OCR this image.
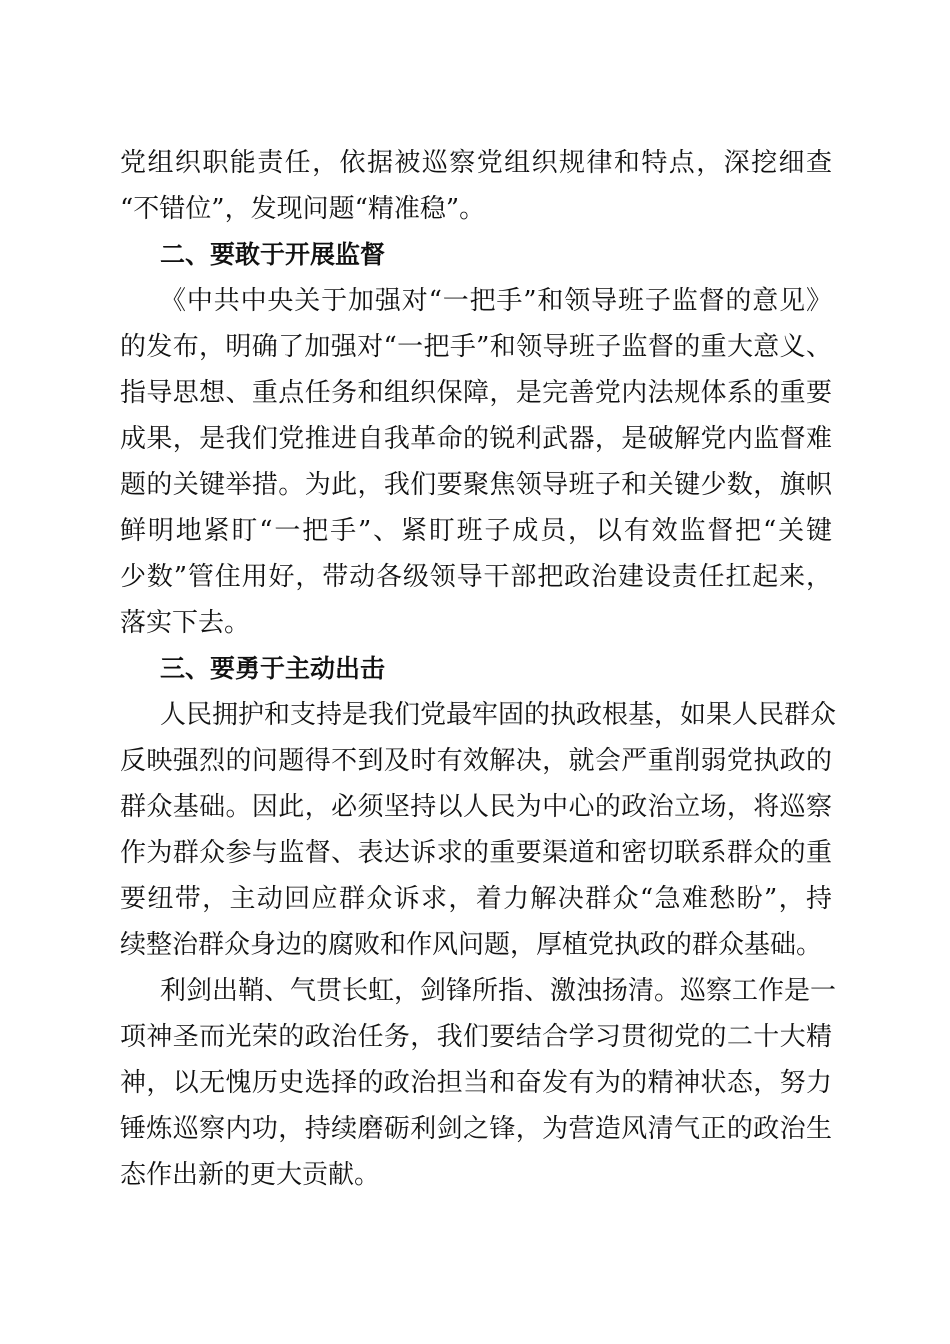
党组织职能责任，依据被巡察党组织规律和特点，深挖细查
“不错位”，发现问题“精准稳”。
二、要敢于开展监督
《中共中央关于加强对“一把手”和领导班子监督的意见》
的发布，明确了加强对“一把手”和领导班子监督的重大意义、
指导思想、重点任务和组织保障，是完善党内法规体系的重要
成果，是我们党推进自我革命的锐利武器，是破解党内监督难
题的关键举措。为此，我们要聚焦领导班子和关键少数，旗帜
鲜明地紧盯“一把手”、紧盯班子成员，以有效监督把“关键
少数”管住用好，带动各级领导干部把政治建设责任扛起来，
落实下去。
三、要勇于主动出击
人民拥护和支持是我们党最牢固的执政根基，如果人民群众
反映强烈的问题得不到及时有效解决，就会严重削弱党执政的
群众基础。因此，必须坚持以人民为中心的政治立场，将巡察
作为群众参与监督、表达诉求的重要渠道和密切联系群众的重
要纽带，主动回应群众诉求，着力解决群众“急难愁盼”，持
续整治群众身边的腐败和作风问题，厚植党执政的群众基础。
利剑出鞘、气贯长虹，剑锋所指、激浊扬清。巡察工作是一
项神圣而光荣的政治任务，我们要结合学习贯彻党的二十大精
神，以无愧历史选择的政治担当和奋发有为的精神状态，努力
锤炼巡察内功，持续磨砺利剑之锋，为营造风清气正的政治生
态作出新的更大贡献。
